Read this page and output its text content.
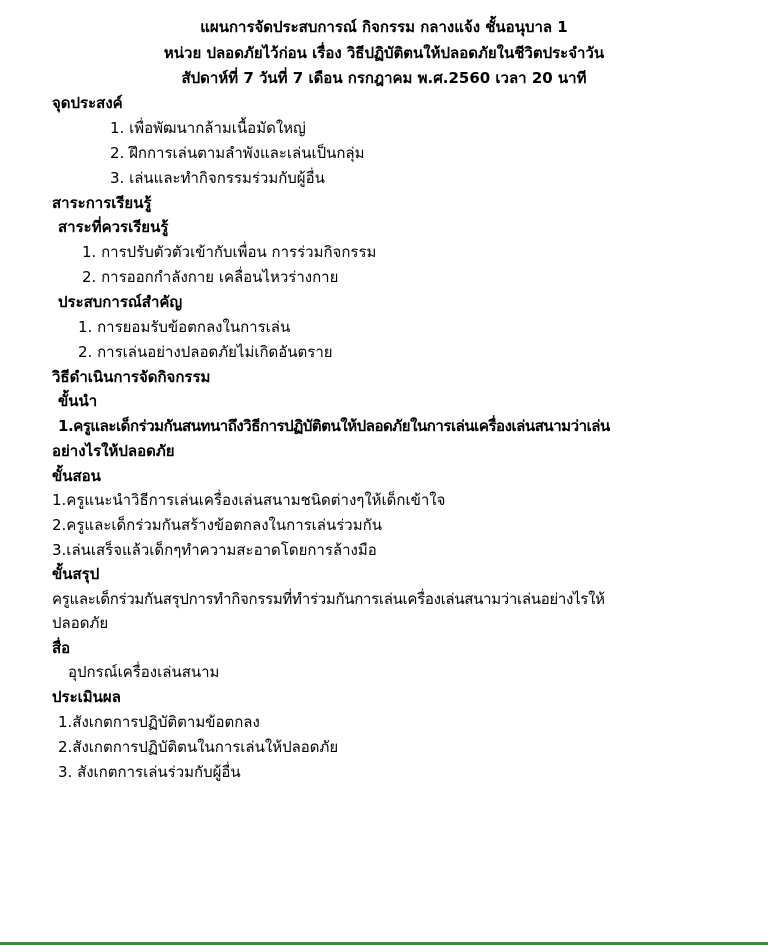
แผนการจัดประสบการณ์ กิจกรรม กลางแจ้ง ชั้นอนุบาล 1
หน่วย ปลอดภัยไว้ก่อน เรื่อง วิธีปฏิบัติตนให้ปลอดภัยในชีวิตประจำวัน
สัปดาห์ที่ 7 วันที่ 7 เดือน กรกฎาคม พ.ศ.2560 เวลา 20 นาที
จุดประสงค์
1. เพื่อพัฒนากล้ามเนื้อมัดใหญ่
2. ฝึกการเล่นตามลำพังและเล่นเป็นกลุ่ม
3. เล่นและทำกิจกรรมร่วมกับผู้อื่น
สาระการเรียนรู้
สาระที่ควรเรียนรู้
1. การปรับตัวตัวเข้ากับเพื่อน การร่วมกิจกรรม
2. การออกกำลังกาย เคลื่อนไหวร่างกาย
ประสบการณ์สำคัญ
1. การยอมรับข้อตกลงในการเล่น
2. การเล่นอย่างปลอดภัยไม่เกิดอันตราย
วิธีดำเนินการจัดกิจกรรม
ขั้นนำ
1.ครูและเด็กร่วมกันสนทนาถึงวิธีการปฏิบัติตนให้ปลอดภัยในการเล่นเครื่องเล่นสนามว่าเล่น
อย่างไรให้ปลอดภัย
ขั้นสอน
1.ครูแนะนำวิธีการเล่นเครื่องเล่นสนามชนิดต่างๆให้เด็กเข้าใจ
2.ครูและเด็กร่วมกันสร้างข้อตกลงในการเล่นร่วมกัน
3.เล่นเสร็จแล้วเด็กๆทำความสะอาดโดยการล้างมือ
ขั้นสรุป
ครูและเด็กร่วมกันสรุปการทำกิจกรรมที่ทำร่วมกันการเล่นเครื่องเล่นสนามว่าเล่นอย่างไรให้
ปลอดภัย
สื่อ
อุปกรณ์เครื่องเล่นสนาม
ประเมินผล
1.สังเกตการปฏิบัติตามข้อตกลง
2.สังเกตการปฏิบัติตนในการเล่นให้ปลอดภัย
3. สังเกตการเล่นร่วมกับผู้อื่น
